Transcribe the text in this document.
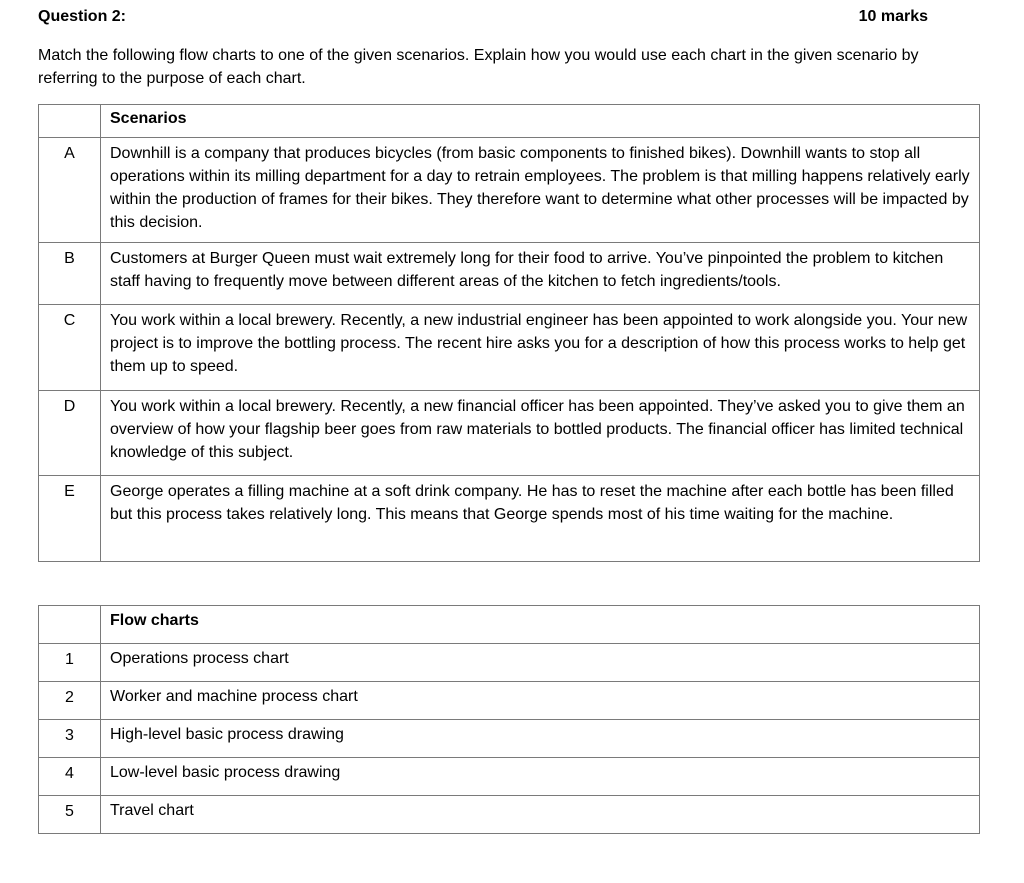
Question 2:	10 marks
Match the following flow charts to one of the given scenarios. Explain how you would use each chart in the given scenario by referring to the purpose of each chart.
	Scenarios
A	Downhill is a company that produces bicycles (from basic components to finished bikes). Downhill wants to stop all operations within its milling department for a day to retrain employees. The problem is that milling happens relatively early within the production of frames for their bikes. They therefore want to determine what other processes will be impacted by this decision.
B	Customers at Burger Queen must wait extremely long for their food to arrive. You’ve pinpointed the problem to kitchen staff having to frequently move between different areas of the kitchen to fetch ingredients/tools.
C	You work within a local brewery. Recently, a new industrial engineer has been appointed to work alongside you. Your new project is to improve the bottling process. The recent hire asks you for a description of how this process works to help get them up to speed.
D	You work within a local brewery. Recently, a new financial officer has been appointed. They’ve asked you to give them an overview of how your flagship beer goes from raw materials to bottled products. The financial officer has limited technical knowledge of this subject.
E	George operates a filling machine at a soft drink company. He has to reset the machine after each bottle has been filled but this process takes relatively long. This means that George spends most of his time waiting for the machine.
	Flow charts
1	Operations process chart
2	Worker and machine process chart
3	High-level basic process drawing
4	Low-level basic process drawing
5	Travel chart
